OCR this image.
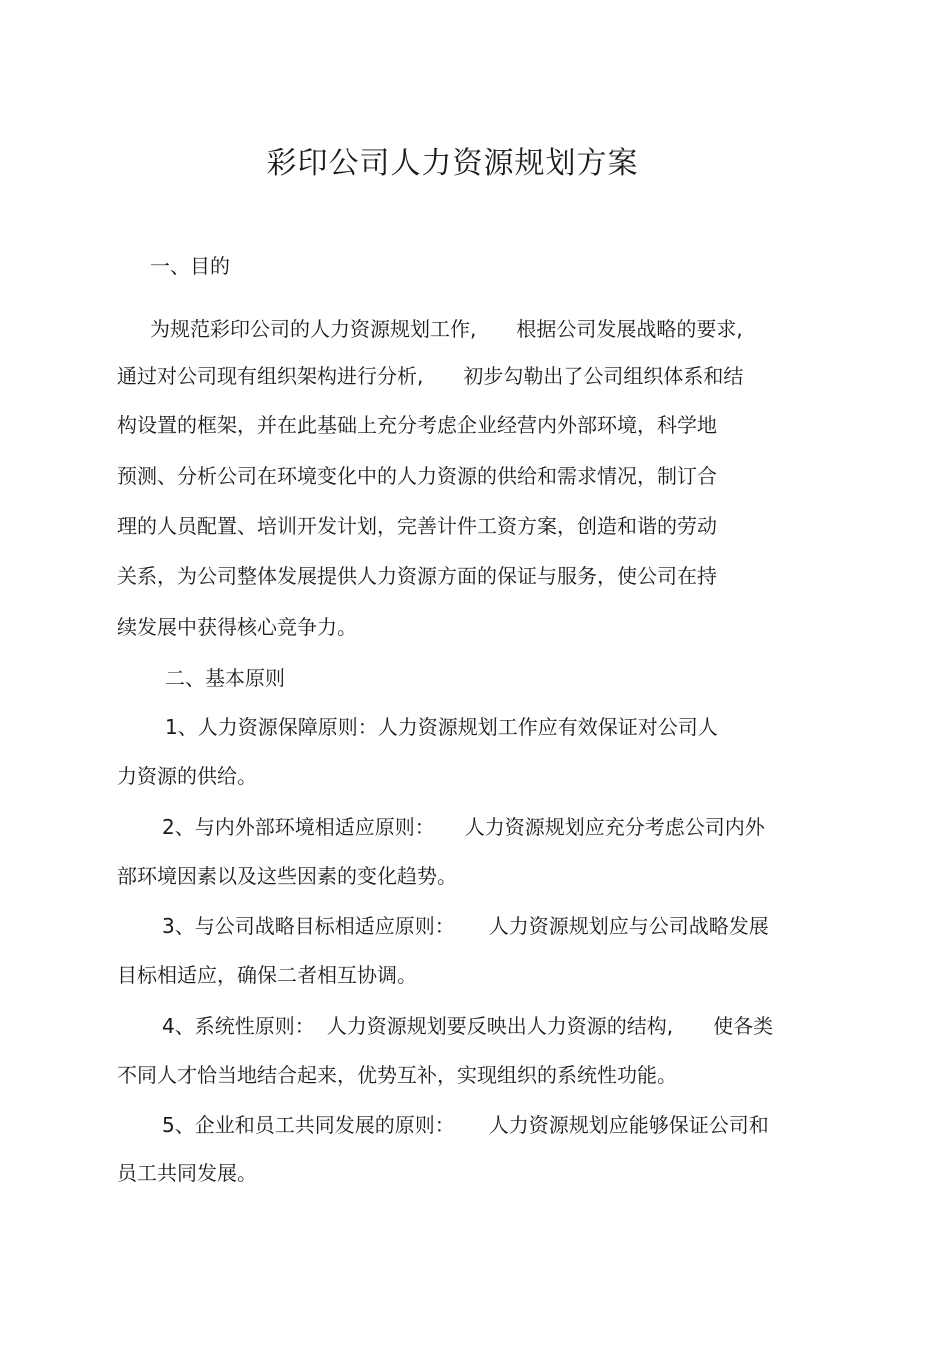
彩印公司人力资源规划方案

一、目的

为规范彩印公司的人力资源规划工作, 根据公司发展战略的要求,

通过对公司现有组织架构进行分析, 初步勾勒出了公司组织体系和结

构设置的框架，并在此基础上充分考虑企业经营内外部环境，科学地

预测、分析公司在环境变化中的人力资源的供给和需求情况，制订合

理的人员配置、培训开发计划，完善计件工资方案，创造和谐的劳动

关系，为公司整体发展提供人力资源方面的保证与服务，使公司在持

续发展中获得核心竞争力。

二、基本原则

1、人力资源保障原则：人力资源规划工作应有效保证对公司人

力资源的供给。

2、与内外部环境相适应原则： 人力资源规划应充分考虑公司内外

部环境因素以及这些因素的变化趋势。

3、与公司战略目标相适应原则： 人力资源规划应与公司战略发展

目标相适应，确保二者相互协调。

4、系统性原则： 人力资源规划要反映出人力资源的结构, 使各类

不同人才恰当地结合起来，优势互补，实现组织的系统性功能。

5、企业和员工共同发展的原则： 人力资源规划应能够保证公司和

员工共同发展。
